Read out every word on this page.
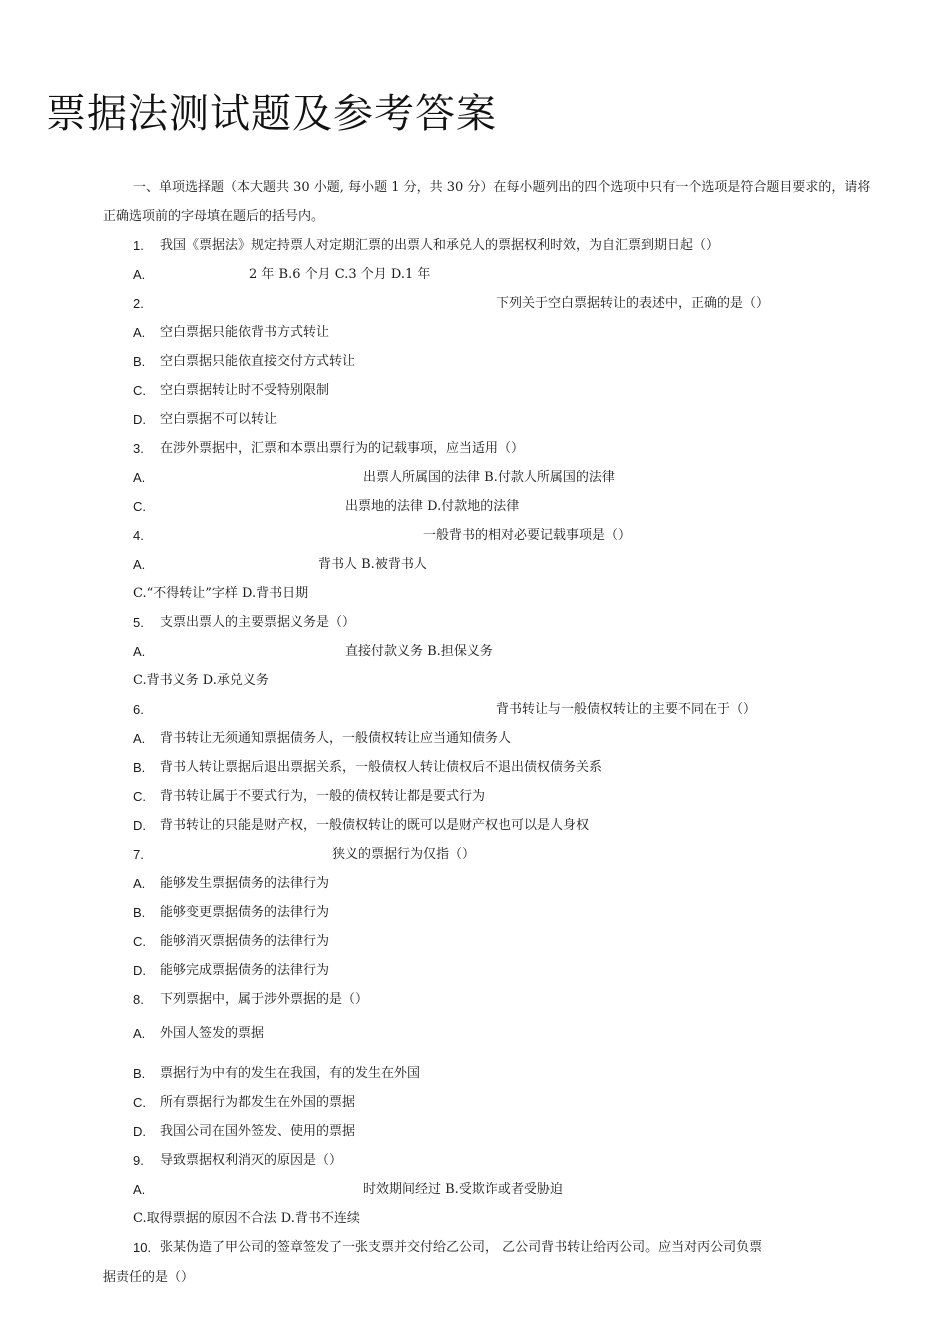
票据法测试题及参考答案
一、单项选择题（本大题共 30 小题, 每小题 1 分，共 30 分）在每小题列出的四个选项中只有一个选项是符合题目要求的，请将
正确选项前的字母填在题后的括号内。
1. 我国《票据法》规定持票人对定期汇票的出票人和承兑人的票据权利时效，为自汇票到期日起（）
A.	2 年 B.6 个月 C.3 个月 D.1 年
2.	下列关于空白票据转让的表述中，正确的是（）
A. 空白票据只能依背书方式转让
B. 空白票据只能依直接交付方式转让
C. 空白票据转让时不受特别限制
D. 空白票据不可以转让
3. 在涉外票据中，汇票和本票出票行为的记载事项，应当适用（）
A.	出票人所属国的法律 B.付款人所属国的法律
C.	出票地的法律 D.付款地的法律
4.	一般背书的相对必要记载事项是（）
A.	背书人 B.被背书人
C.“不得转让”字样 D.背书日期
5. 支票出票人的主要票据义务是（）
A.	直接付款义务 B.担保义务
C.背书义务 D.承兑义务
6.	背书转让与一般债权转让的主要不同在于（）
A. 背书转让无须通知票据债务人，一般债权转让应当通知债务人
B. 背书人转让票据后退出票据关系，一般债权人转让债权后不退出债权债务关系
C. 背书转让属于不要式行为，一般的债权转让都是要式行为
D. 背书转让的只能是财产权，一般债权转让的既可以是财产权也可以是人身权
7.	狭义的票据行为仅指（）
A. 能够发生票据债务的法律行为
B. 能够变更票据债务的法律行为
C. 能够消灭票据债务的法律行为
D. 能够完成票据债务的法律行为
8. 下列票据中，属于涉外票据的是（）
A. 外国人签发的票据
B. 票据行为中有的发生在我国，有的发生在外国
C. 所有票据行为都发生在外国的票据
D. 我国公司在国外签发、使用的票据
9. 导致票据权利消灭的原因是（）
A.	时效期间经过 B.受欺诈或者受胁迫
C.取得票据的原因不合法 D.背书不连续
10. 张某伪造了甲公司的签章签发了一张支票并交付给乙公司， 乙公司背书转让给丙公司。应当对丙公司负票
据责任的是（）
